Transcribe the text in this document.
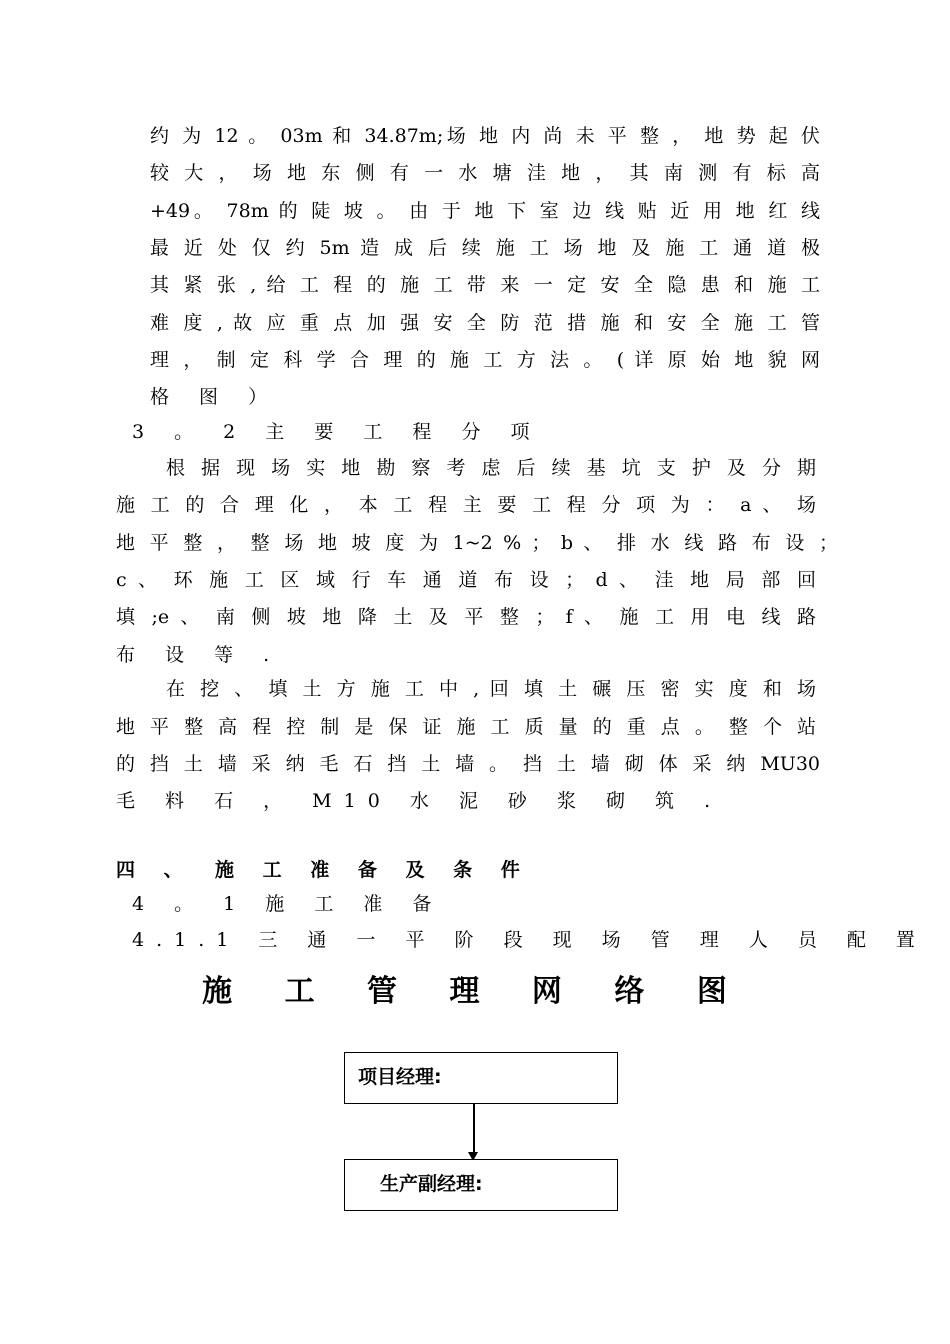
约 为 12 。 03m 和 34.87m;场 地 内 尚 未 平 整 ， 地 势 起 伏
较 大 ， 场 地 东 侧 有 一 水 塘 洼 地 ， 其 南 测 有 标 高
+49。 78m 的 陡 坡 。 由 于 地 下 室 边 线 贴 近 用 地 红 线
最 近 处 仅 约 5m 造 成 后 续 施 工 场 地 及 施 工 通 道 极
其 紧 张 , 给 工 程 的 施 工 带 来 一 定 安 全 隐 患 和 施 工
难 度 , 故 应 重 点 加 强 安 全 防 范 措 施 和 安 全 施 工 管
理 ， 制 定 科 学 合 理 的 施 工 方 法 。 ( 详 原 始 地 貌 网
格 图 ）
3 。 2 主 要 工 程 分 项
根 据 现 场 实 地 勘 察 考 虑 后 续 基 坑 支 护 及 分 期
施 工 的 合 理 化 ， 本 工 程 主 要 工 程 分 项 为 ： a 、 场
地 平 整 ， 整 场 地 坡 度 为 1~2 % ； b 、 排 水 线 路 布 设 ；
c 、 环 施 工 区 域 行 车 通 道 布 设 ； d 、 洼 地 局 部 回
填 ;e 、 南 侧 坡 地 降 土 及 平 整 ； f 、 施 工 用 电 线 路
布 设 等 .
在 挖 、 填 土 方 施 工 中 , 回 填 土 碾 压 密 实 度 和 场
地 平 整 高 程 控 制 是 保 证 施 工 质 量 的 重 点 。 整 个 站
的 挡 土 墙 采 纳 毛 石 挡 土 墙 。 挡 土 墙 砌 体 采 纳 MU30
毛 料 石 ， M10 水 泥 砂 浆 砌 筑 .
四 、 施 工 准 备 及 条 件
4 。 1 施 工 准 备
4.1.1 三 通 一 平 阶 段 现 场 管 理 人 员 配 置
施 工 管 理 网 络 图
项目经理:
生产副经理:
